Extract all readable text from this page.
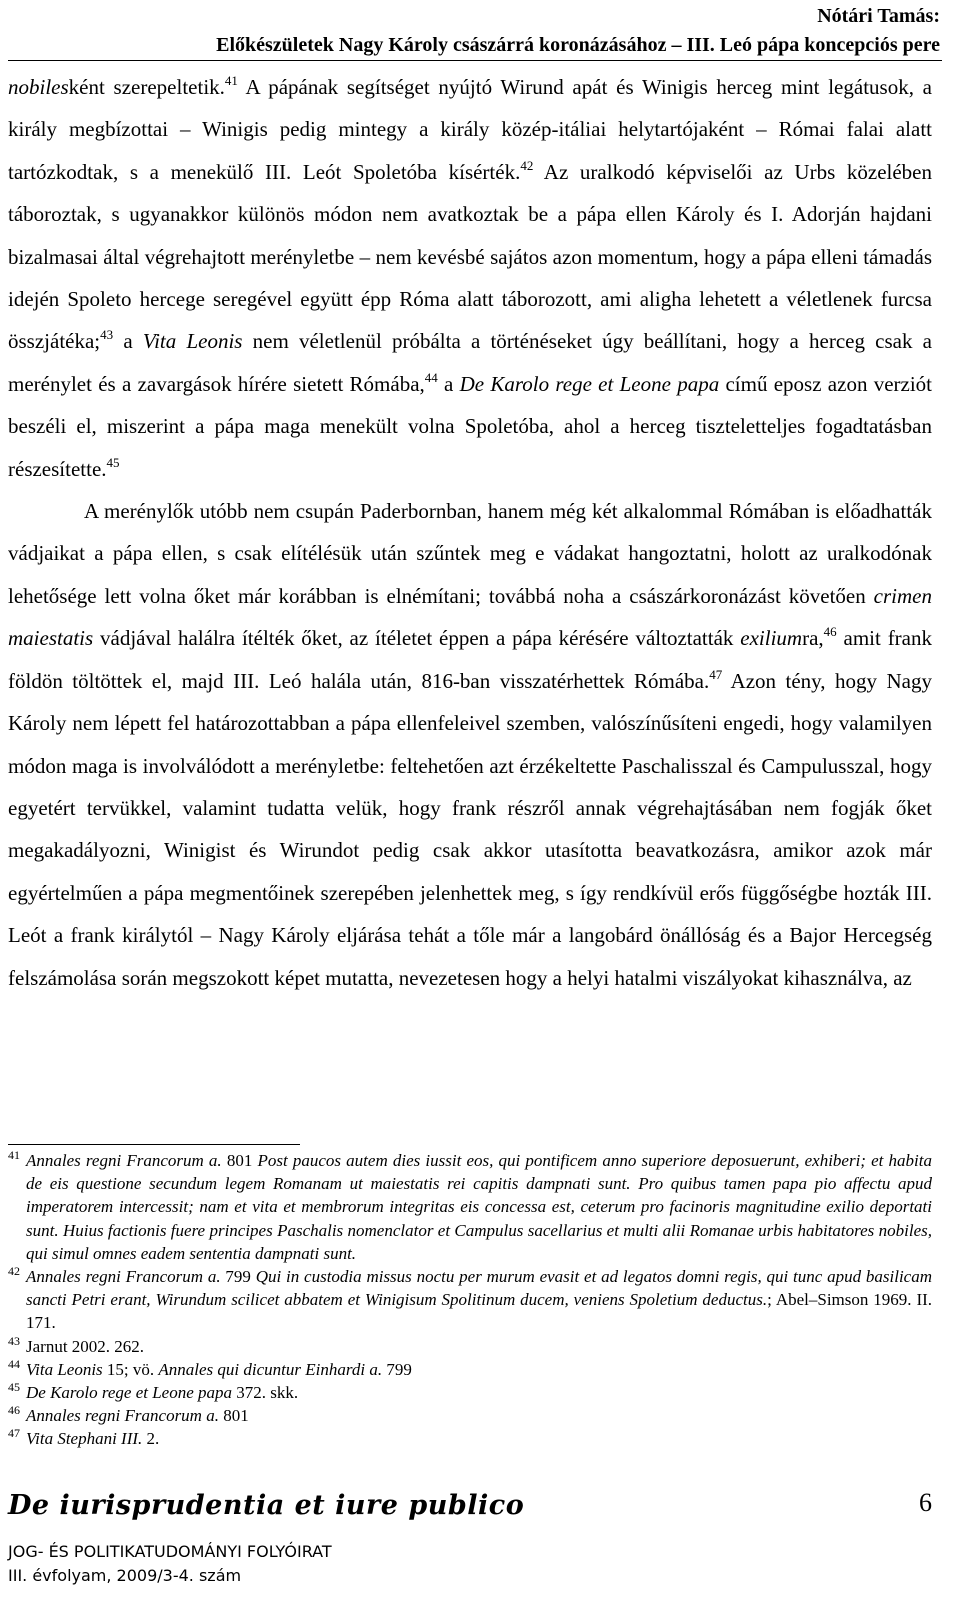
Nótári Tamás:
Előkészületek Nagy Károly császárrá koronázásához – III. Leó pápa koncepciós pere

nobilesként szerepeltetik.$^{41}$ A pápának segítséget nyújtó Wirund apát és Winigis herceg mint legátusok, a király megbízottai – Winigis pedig mintegy a király közép-itáliai helytartójaként – Római falai alatt tartózkodtak, s a menekülő III. Leót Spoletóba kísérték.$^{42}$ Az uralkodó képviselői az Urbs közelében táboroztak, s ugyanakkor különös módon nem avatkoztak be a pápa ellen Károly és I. Adorján hajdani bizalmasai által végrehajtott merényletbe – nem kevésbé sajátos azon momentum, hogy a pápa elleni támadás idején Spoleto hercege seregével együtt épp Róma alatt táborozott, ami aligha lehetett a véletlenek furcsa összjátéka;$^{43}$ a Vita Leonis nem véletlenül próbálta a történéseket úgy beállítani, hogy a herceg csak a merénylet és a zavargások hírére sietett Rómába,$^{44}$ a De Karolo rege et Leone papa című eposz azon verziót beszéli el, miszerint a pápa maga menekült volna Spoletóba, ahol a herceg tiszteletteljes fogadtatásban részesítette.$^{45}$

A merénylők utóbb nem csupán Paderbornban, hanem még két alkalommal Rómában is előadhatták vádjaikat a pápa ellen, s csak elítélésük után szűntek meg e vádakat hangoztatni, holott az uralkodónak lehetősége lett volna őket már korábban is elnémítani; továbbá noha a császárkoronázást követően crimen maiestatis vádjával halálra ítélték őket, az ítéletet éppen a pápa kérésére változtatták exiliumra,$^{46}$ amit frank földön töltöttek el, majd III. Leó halála után, 816-ban visszatérhettek Rómába.$^{47}$ Azon tény, hogy Nagy Károly nem lépett fel határozottabban a pápa ellenfeleivel szemben, valószínűsíteni engedi, hogy valamilyen módon maga is involválódott a merényletbe: feltehetően azt érzékeltette Paschalisszal és Campulusszal, hogy egyetért tervükkel, valamint tudatta velük, hogy frank részről annak végrehajtásában nem fogják őket megakadályozni, Winigist és Wirundot pedig csak akkor utasította beavatkozásra, amikor azok már egyértelműen a pápa megmentőinek szerepében jelenhettek meg, s így rendkívül erős függőségbe hozták III. Leót a frank királytól – Nagy Károly eljárása tehát a tőle már a langobárd önállóság és a Bajor Hercegség felszámolása során megszokott képet mutatta, nevezetesen hogy a helyi hatalmi viszályokat kihasználva, az

$^{41}$ Annales regni Francorum a. 801 Post paucos autem dies iussit eos, qui pontificem anno superiore deposuerunt, exhiberi; et habita de eis questione secundum legem Romanam ut maiestatis rei capitis dampnati sunt. Pro quibus tamen papa pio affectu apud imperatorem intercessit; nam et vita et membrorum integritas eis concessa est, ceterum pro facinoris magnitudine exilio deportati sunt. Huius factionis fuere principes Paschalis nomenclator et Campulus sacellarius et multi alii Romanae urbis habitatores nobiles, qui simul omnes eadem sententia dampnati sunt.
$^{42}$ Annales regni Francorum a. 799 Qui in custodia missus noctu per murum evasit et ad legatos domni regis, qui tunc apud basilicam sancti Petri erant, Wirundum scilicet abbatem et Winigisum Spolitinum ducem, veniens Spoletium deductus.; Abel–Simson 1969. II. 171.
$^{43}$ Jarnut 2002. 262.
$^{44}$ Vita Leonis 15; vö. Annales qui dicuntur Einhardi a. 799
$^{45}$ De Karolo rege et Leone papa 372. skk.
$^{46}$ Annales regni Francorum a. 801
$^{47}$ Vita Stephani III. 2.
De iurisprudentia et iure publico	6
JOG- ÉS POLITIKATUDOMÁNYI FOLYÓIRAT
III. évfolyam, 2009/3-4. szám
